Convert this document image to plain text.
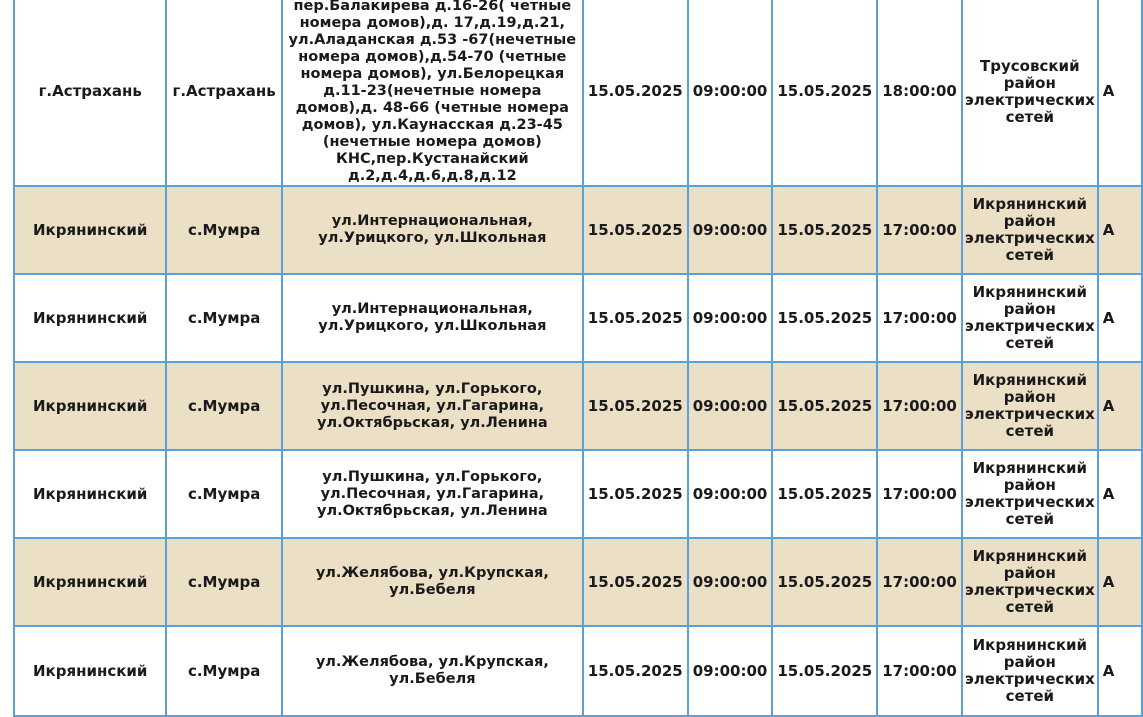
г.Астрахань	г.Астрахань	пер.Балакирева д.16-26( четные номера домов),д. 17,д.19,д.21, ул.Аладанская д.53 -67(нечетные номера домов),д.54-70 (четные номера домов), ул.Белорецкая д.11-23(нечетные номера домов),д. 48-66 (четные номера домов), ул.Каунасская д.23-45 (нечетные номера домов) КНС,пер.Кустанайский д.2,д.4,д.6,д.8,д.12	15.05.2025	09:00:00	15.05.2025	18:00:00	Трусовский район электрических сетей	А
Икрянинский	с.Мумра	ул.Интернациональная, ул.Урицкого, ул.Школьная	15.05.2025	09:00:00	15.05.2025	17:00:00	Икрянинский район электрических сетей	А
Икрянинский	с.Мумра	ул.Интернациональная, ул.Урицкого, ул.Школьная	15.05.2025	09:00:00	15.05.2025	17:00:00	Икрянинский район электрических сетей	А
Икрянинский	с.Мумра	ул.Пушкина, ул.Горького, ул.Песочная, ул.Гагарина, ул.Октябрьская, ул.Ленина	15.05.2025	09:00:00	15.05.2025	17:00:00	Икрянинский район электрических сетей	А
Икрянинский	с.Мумра	ул.Пушкина, ул.Горького, ул.Песочная, ул.Гагарина, ул.Октябрьская, ул.Ленина	15.05.2025	09:00:00	15.05.2025	17:00:00	Икрянинский район электрических сетей	А
Икрянинский	с.Мумра	ул.Желябова, ул.Крупская, ул.Бебеля	15.05.2025	09:00:00	15.05.2025	17:00:00	Икрянинский район электрических сетей	А
Икрянинский	с.Мумра	ул.Желябова, ул.Крупская, ул.Бебеля	15.05.2025	09:00:00	15.05.2025	17:00:00	Икрянинский район электрических сетей	А
